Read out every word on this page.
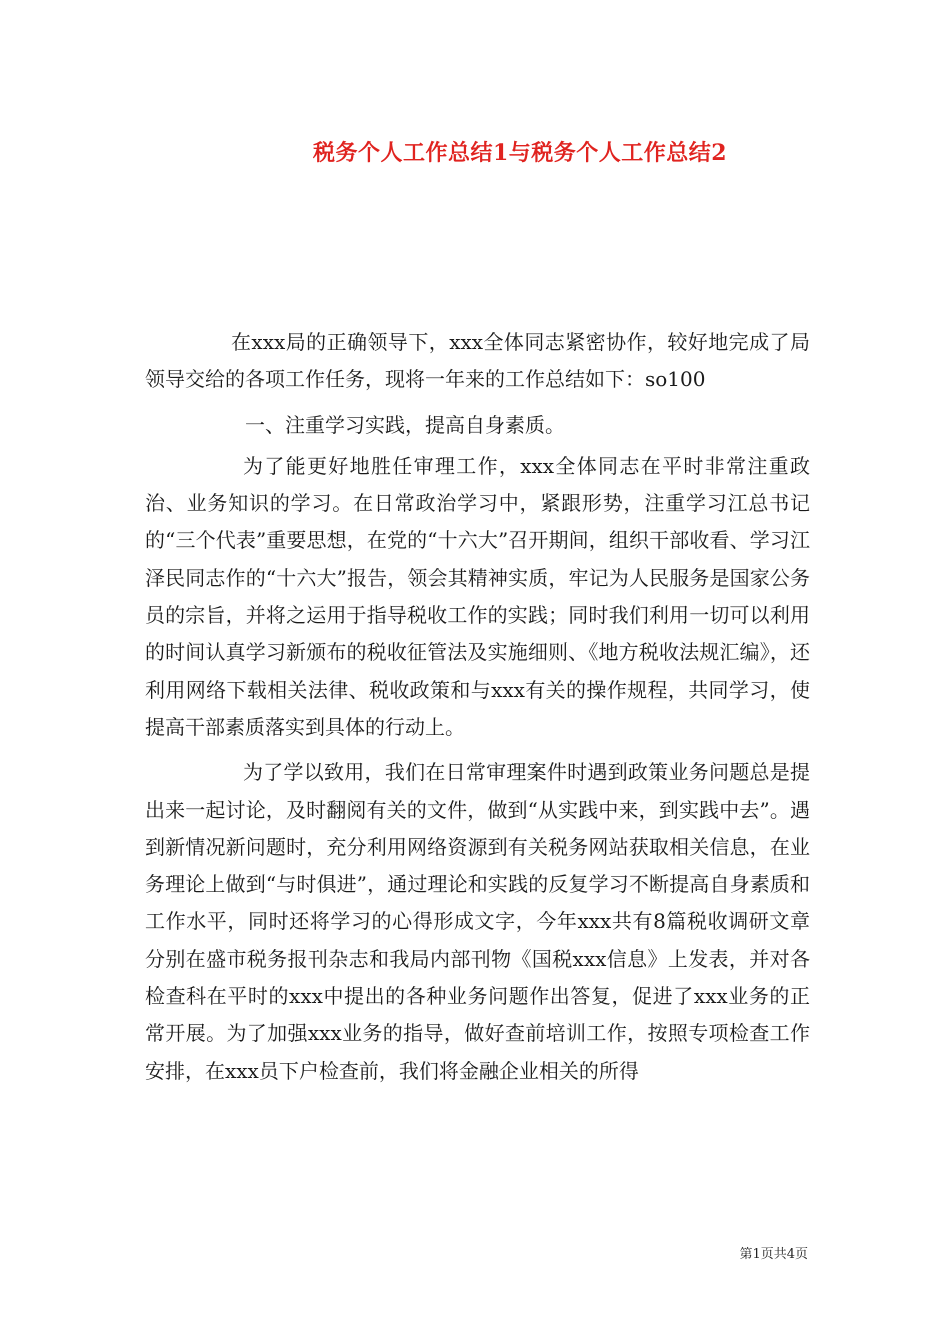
税务个人工作总结1与税务个人工作总结2

在xxx局的正确领导下，xxx全体同志紧密协作，较好地完成了局领导交给的各项工作任务，现将一年来的工作总结如下：so100

一、注重学习实践，提高自身素质。

为了能更好地胜任审理工作，xxx全体同志在平时非常注重政治、业务知识的学习。在日常政治学习中，紧跟形势，注重学习江总书记的“三个代表”重要思想，在党的“十六大”召开期间，组织干部收看、学习江泽民同志作的“十六大”报告，领会其精神实质，牢记为人民服务是国家公务员的宗旨，并将之运用于指导税收工作的实践；同时我们利用一切可以利用的时间认真学习新颁布的税收征管法及实施细则、《地方税收法规汇编》，还利用网络下载相关法律、税收政策和与xxx有关的操作规程，共同学习，使提高干部素质落实到具体的行动上。

为了学以致用，我们在日常审理案件时遇到政策业务问题总是提出来一起讨论，及时翻阅有关的文件，做到“从实践中来，到实践中去”。遇到新情况新问题时，充分利用网络资源到有关税务网站获取相关信息，在业务理论上做到“与时俱进”，通过理论和实践的反复学习不断提高自身素质和工作水平，同时还将学习的心得形成文字，今年xxx共有8篇税收调研文章分别在盛市税务报刊杂志和我局内部刊物《国税xxx信息》上发表，并对各检查科在平时的xxx中提出的各种业务问题作出答复，促进了xxx业务的正常开展。为了加强xxx业务的指导，做好查前培训工作，按照专项检查工作安排，在xxx员下户检查前，我们将金融企业相关的所得

第1页共4页
